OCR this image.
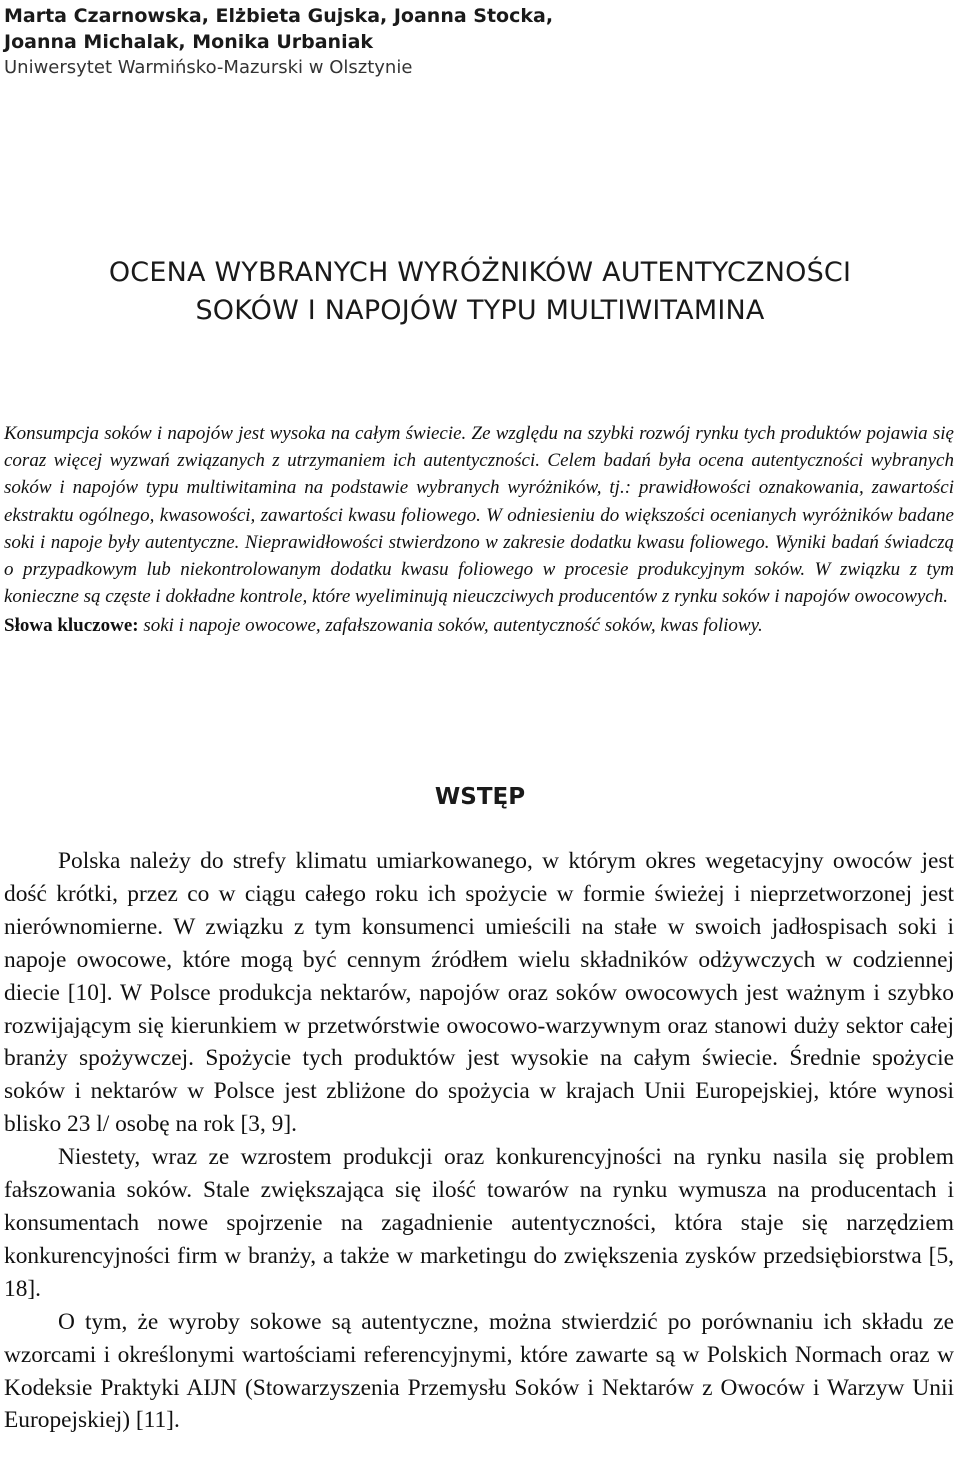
Marta Czarnowska, Elżbieta Gujska, Joanna Stocka,
Joanna Michalak, Monika Urbaniak
Uniwersytet Warmińsko-Mazurski w Olsztynie
OCENA WYBRANYCH WYRÓŻNIKÓW AUTENTYCZNOŚCI
SOKÓW I NAPOJÓW TYPU MULTIWITAMINA

Konsumpcja soków i napojów jest wysoka na całym świecie. Ze względu na szybki rozwój rynku tych produktów pojawia się coraz więcej wyzwań związanych z utrzymaniem ich autentyczności. Celem badań była ocena autentyczności wybranych soków i napojów typu multiwitamina na podstawie wybranych wyróżników, tj.: prawidłowości oznakowania, zawartości ekstraktu ogólnego, kwasowości, zawartości kwasu foliowego. W odniesieniu do większości ocenianych wyróżników badane soki i napoje były autentyczne. Nieprawidłowości stwierdzono w zakresie dodatku kwasu foliowego. Wyniki badań świadczą o przypadkowym lub niekontrolowanym dodatku kwasu foliowego w procesie produkcyjnym soków. W związku z tym konieczne są częste i dokładne kontrole, które wyeliminują nieuczciwych producentów z rynku soków i napojów owocowych.

Słowa kluczowe: soki i napoje owocowe, zafałszowania soków, autentyczność soków, kwas foliowy.

WSTĘP

Polska należy do strefy klimatu umiarkowanego, w którym okres wegetacyjny owoców jest dość krótki, przez co w ciągu całego roku ich spożycie w formie świeżej i nieprzetworzonej jest nierównomierne. W związku z tym konsumenci umieścili na stałe w swoich jadłospisach soki i napoje owocowe, które mogą być cennym źródłem wielu składników odżywczych w codziennej diecie [10]. W Polsce produkcja nektarów, napojów oraz soków owocowych jest ważnym i szybko rozwijającym się kierunkiem w przetwórstwie owocowo-warzywnym oraz stanowi duży sektor całej branży spożywczej. Spożycie tych produktów jest wysokie na całym świecie. Średnie spożycie soków i nektarów w Polsce jest zbliżone do spożycia w krajach Unii Europejskiej, które wynosi blisko 23 l/ osobę na rok [3, 9].

Niestety, wraz ze wzrostem produkcji oraz konkurencyjności na rynku nasila się problem fałszowania soków. Stale zwiększająca się ilość towarów na rynku wymusza na producentach i konsumentach nowe spojrzenie na zagadnienie autentyczności, która staje się narzędziem konkurencyjności firm w branży, a także w marketingu do zwiększenia zysków przedsiębiorstwa [5, 18].

O tym, że wyroby sokowe są autentyczne, można stwierdzić po porównaniu ich składu ze wzorcami i określonymi wartościami referencyjnymi, które zawarte są w Polskich Normach oraz w Kodeksie Praktyki AIJN (Stowarzyszenia Przemysłu Soków i Nektarów z Owoców i Warzyw Unii Europejskiej) [11].
